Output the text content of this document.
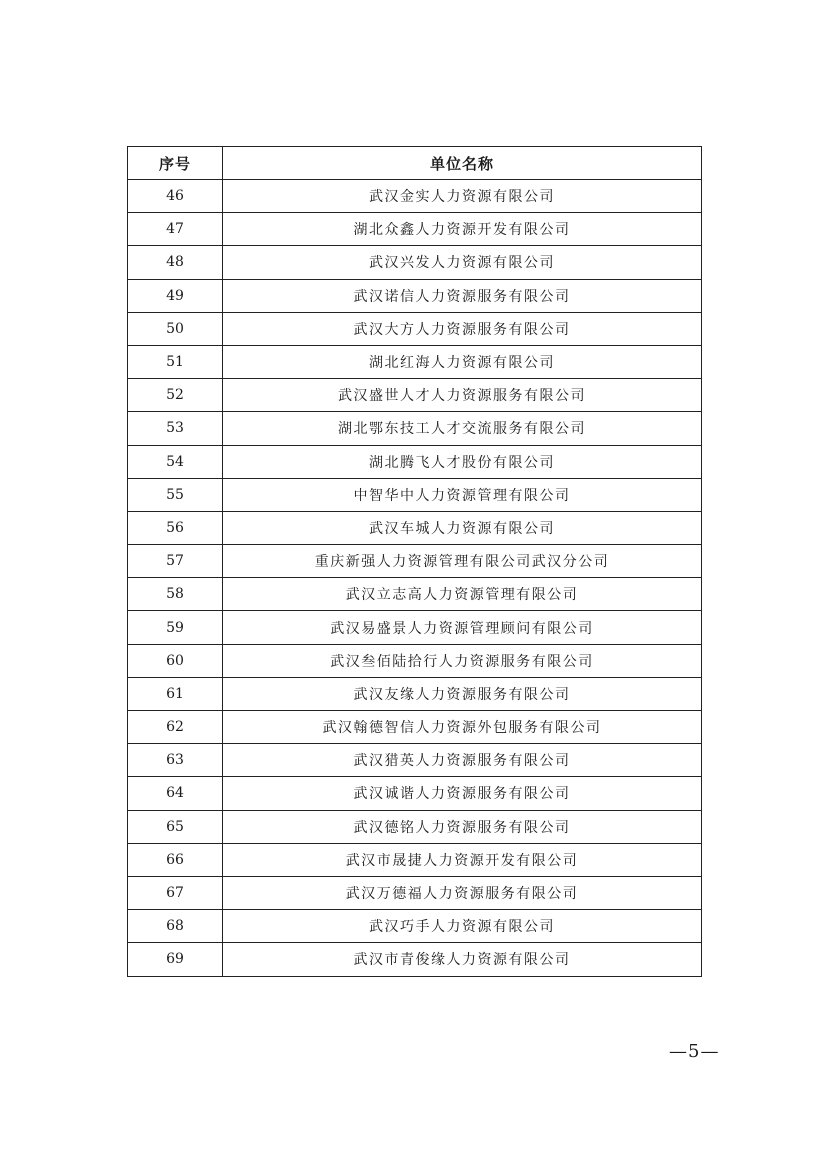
序号	单位名称
46	武汉金实人力资源有限公司
47	湖北众鑫人力资源开发有限公司
48	武汉兴发人力资源有限公司
49	武汉诺信人力资源服务有限公司
50	武汉大方人力资源服务有限公司
51	湖北红海人力资源有限公司
52	武汉盛世人才人力资源服务有限公司
53	湖北鄂东技工人才交流服务有限公司
54	湖北腾飞人才股份有限公司
55	中智华中人力资源管理有限公司
56	武汉车城人力资源有限公司
57	重庆新强人力资源管理有限公司武汉分公司
58	武汉立志高人力资源管理有限公司
59	武汉易盛景人力资源管理顾问有限公司
60	武汉叁佰陆拾行人力资源服务有限公司
61	武汉友缘人力资源服务有限公司
62	武汉翰德智信人力资源外包服务有限公司
63	武汉猎英人力资源服务有限公司
64	武汉诚谐人力资源服务有限公司
65	武汉德铭人力资源服务有限公司
66	武汉市晟捷人力资源开发有限公司
67	武汉万德福人力资源服务有限公司
68	武汉巧手人力资源有限公司
69	武汉市青俊缘人力资源有限公司
—5—
